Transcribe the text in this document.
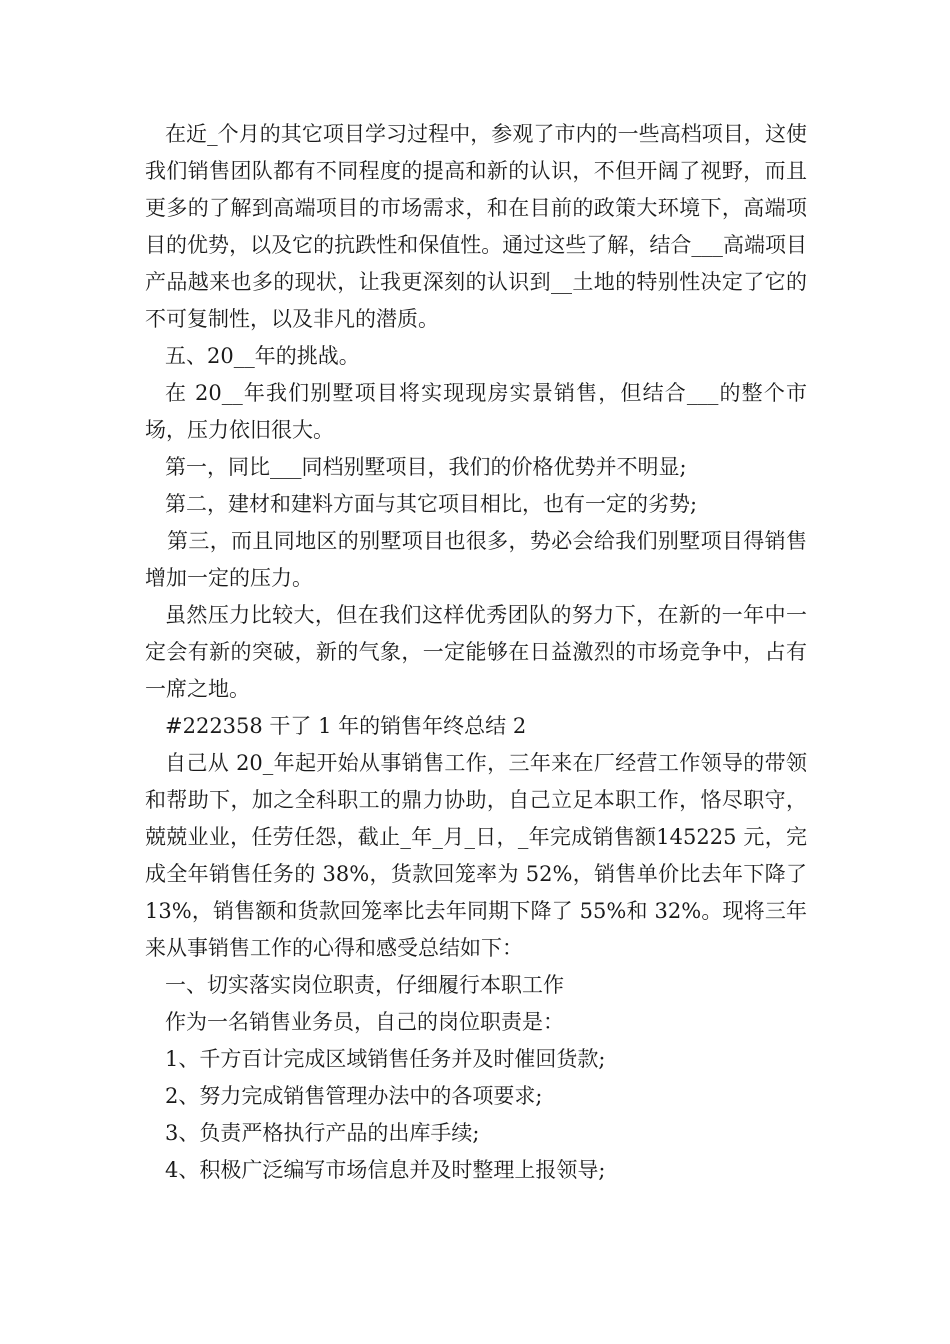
在近_个月的其它项目学习过程中，参观了市内的一些高档项目，这使我们销售团队都有不同程度的提高和新的认识，不但开阔了视野，而且更多的了解到高端项目的市场需求，和在目前的政策大环境下，高端项目的优势，以及它的抗跌性和保值性。通过这些了解，结合___高端项目产品越来也多的现状，让我更深刻的认识到__土地的特别性决定了它的不可复制性，以及非凡的潜质。

五、20__年的挑战。

在 20__年我们别墅项目将实现现房实景销售，但结合___的整个市场，压力依旧很大。

第一，同比___同档别墅项目，我们的价格优势并不明显;

第二，建材和建料方面与其它项目相比，也有一定的劣势;

第三，而且同地区的别墅项目也很多，势必会给我们别墅项目得销售增加一定的压力。

虽然压力比较大，但在我们这样优秀团队的努力下，在新的一年中一定会有新的突破，新的气象，一定能够在日益激烈的市场竞争中，占有一席之地。

#222358 干了 1 年的销售年终总结 2

自己从 20_年起开始从事销售工作，三年来在厂经营工作领导的带领和帮助下，加之全科职工的鼎力协助，自己立足本职工作，恪尽职守，兢兢业业，任劳任怨，截止_年_月_日，_年完成销售额145225 元，完成全年销售任务的 38%，货款回笼率为 52%，销售单价比去年下降了 13%，销售额和货款回笼率比去年同期下降了 55%和 32%。现将三年来从事销售工作的心得和感受总结如下：

一、切实落实岗位职责，仔细履行本职工作

作为一名销售业务员，自己的岗位职责是：

1、千方百计完成区域销售任务并及时催回货款;

2、努力完成销售管理办法中的各项要求;

3、负责严格执行产品的出库手续;

4、积极广泛编写市场信息并及时整理上报领导;
